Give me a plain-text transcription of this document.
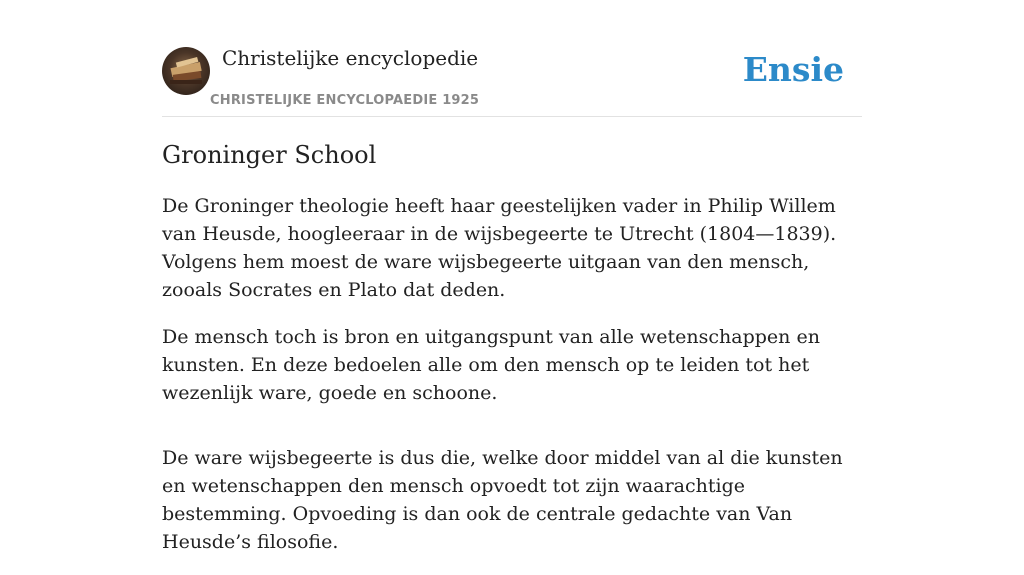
Christelijke encyclopedie
CHRISTELIJKE ENCYCLOPAEDIE 1925
Ensie
Groninger School

De Groninger theologie heeft haar geestelijken vader in Philip Willem van Heusde, hoogleeraar in de wijsbegeerte te Utrecht (1804—1839). Volgens hem moest de ware wijsbegeerte uitgaan van den mensch, zooals Socrates en Plato dat deden.

De mensch toch is bron en uitgangspunt van alle wetenschappen en kunsten. En deze bedoelen alle om den mensch op te leiden tot het wezenlijk ware, goede en schoone.

De ware wijsbegeerte is dus die, welke door middel van al die kunsten en wetenschappen den mensch opvoedt tot zijn waarachtige bestemming. Opvoeding is dan ook de centrale gedachte van Van Heusde’s filosofie.
